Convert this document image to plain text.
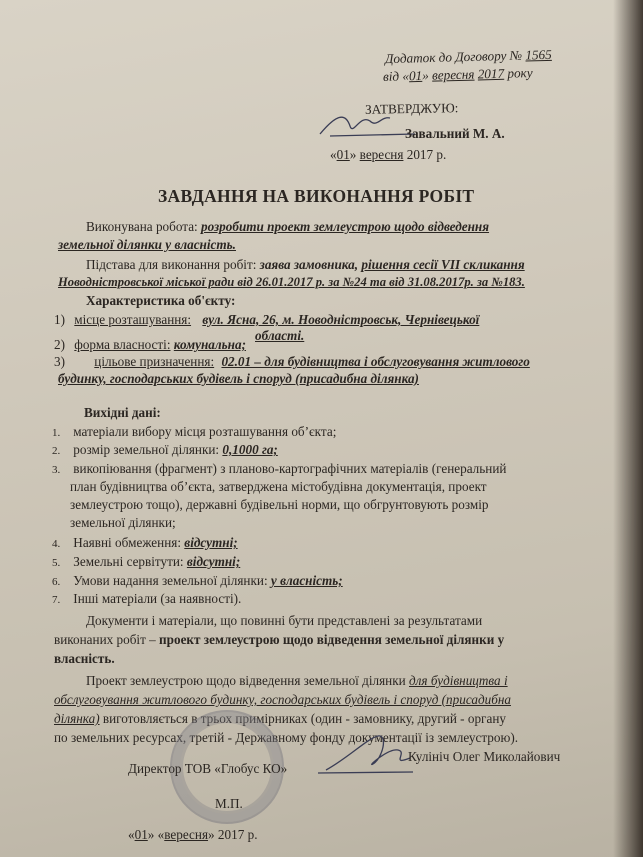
Додаток до Договору № 1565
від «01» вересня 2017 року
ЗАТВЕРДЖУЮ:
Завальний М. А.
«01» вересня 2017 р.
ЗАВДАННЯ НА ВИКОНАННЯ РОБІТ
Виконувана робота: розробити проект землеустрою щодо відведення
земельної ділянки у власність.
Підстава для виконання робіт: заява замовника, рішення сесії VII скликання
Новодністровської міської ради від 26.01.2017 р. за №24 та від 31.08.2017р. за №183.
Характеристика об'єкту:
1) місце розташування: вул. Ясна, 26, м. Новодністровськ, Чернівецької
області.
2) форма власності: комунальна;
3) цільове призначення: 02.01 – для будівництва і обслуговування житлового
будинку, господарських будівель і споруд (присадибна ділянка)
Вихідні дані:
1. матеріали вибору місця розташування об’єкта;
2. розмір земельної ділянки: 0,1000 га;
3. викопіювання (фрагмент) з планово-картографічних матеріалів (генеральний
план будівництва об’єкта, затверджена містобудівна документація, проект
землеустрою тощо), державні будівельні норми, що обгрунтовують розмір
земельної ділянки;
4. Наявні обмеження: відсутні;
5. Земельні сервітути: відсутні;
6. Умови надання земельної ділянки: у власність;
7. Інші матеріали (за наявності).
Документи і матеріали, що повинні бути представлені за результатами
виконаних робіт – проект землеустрою щодо відведення земельної ділянки у
власність.
Проект землеустрою щодо відведення земельної ділянки для будівництва і
обслуговування житлового будинку, господарських будівель і споруд (присадибна
ділянка) виготовляється в трьох примірниках (один - замовнику, другий - органу
по земельних ресурсах, третій - Державному фонду документації із землеустрою).
Директор ТОВ «Глобус КО»
Кулініч Олег Миколайович
М.П.
«01» «вересня» 2017 р.
